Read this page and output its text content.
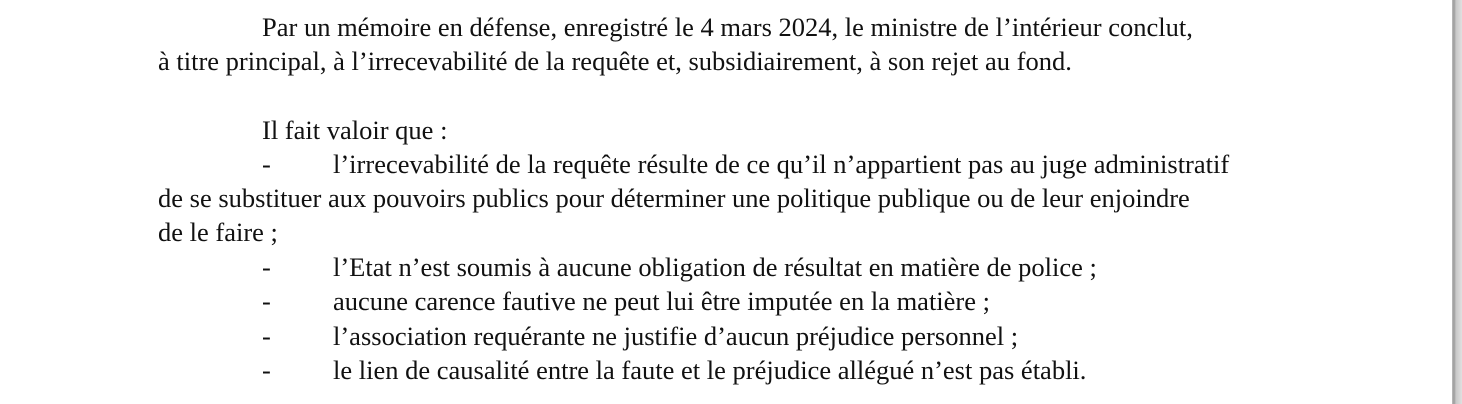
Par un mémoire en défense, enregistré le 4 mars 2024, le ministre de l’intérieur conclut,
à titre principal, à l’irrecevabilité de la requête et, subsidiairement, à son rejet au fond.
Il fait valoir que :
- l’irrecevabilité de la requête résulte de ce qu’il n’appartient pas au juge administratif
de se substituer aux pouvoirs publics pour déterminer une politique publique ou de leur enjoindre
de le faire ;
- l’Etat n’est soumis à aucune obligation de résultat en matière de police ;
- aucune carence fautive ne peut lui être imputée en la matière ;
- l’association requérante ne justifie d’aucun préjudice personnel ;
- le lien de causalité entre la faute et le préjudice allégué n’est pas établi.
